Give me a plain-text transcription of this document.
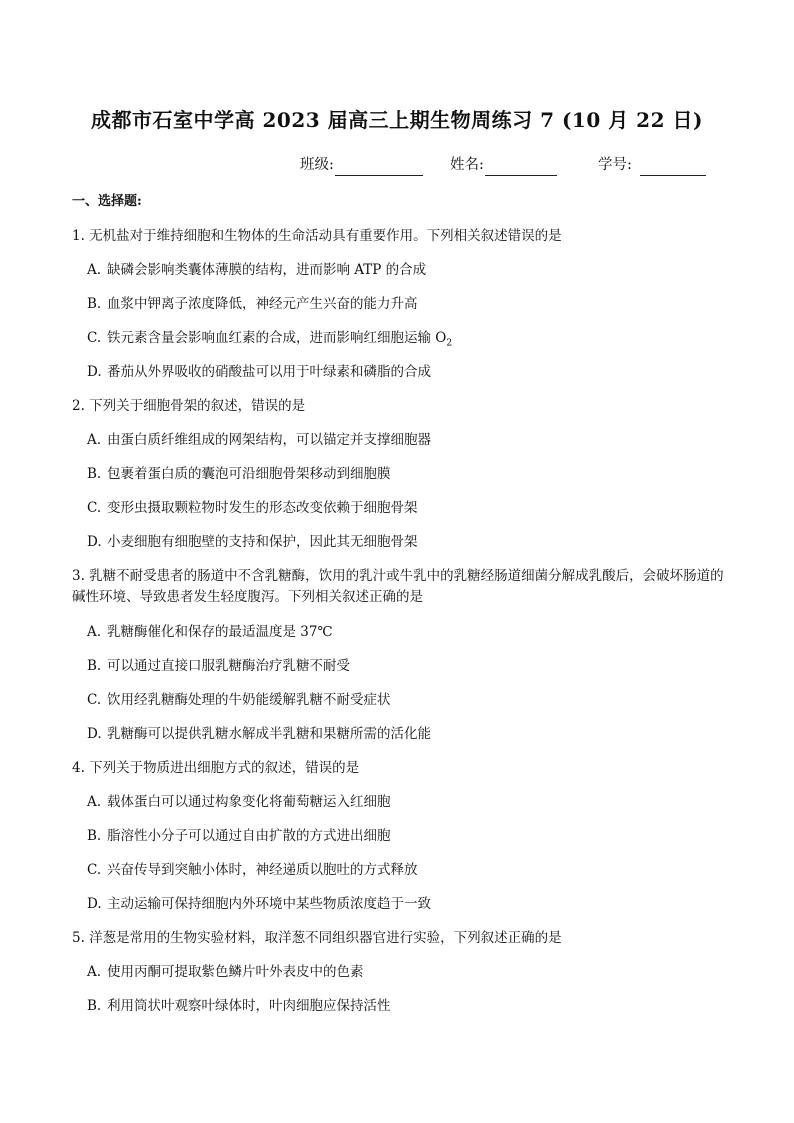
成都市石室中学高 2023 届高三上期生物周练习 7 (10 月 22 日)
班级:	姓名:	学号:
一、选择题:
1. 无机盐对于维持细胞和生物体的生命活动具有重要作用。下列相关叙述错误的是
A. 缺磷会影响类囊体薄膜的结构，进而影响 ATP 的合成
B. 血浆中钾离子浓度降低，神经元产生兴奋的能力升高
C. 铁元素含量会影响血红素的合成，进而影响红细胞运输 $O_2$
D. 番茄从外界吸收的硝酸盐可以用于叶绿素和磷脂的合成
2. 下列关于细胞骨架的叙述，错误的是
A. 由蛋白质纤维组成的网架结构，可以锚定并支撑细胞器
B. 包裹着蛋白质的囊泡可沿细胞骨架移动到细胞膜
C. 变形虫摄取颗粒物时发生的形态改变依赖于细胞骨架
D. 小麦细胞有细胞壁的支持和保护，因此其无细胞骨架
3. 乳糖不耐受患者的肠道中不含乳糖酶，饮用的乳汁或牛乳中的乳糖经肠道细菌分解成乳酸后，会破坏肠道的碱性环境、导致患者发生轻度腹泻。下列相关叙述正确的是
A. 乳糖酶催化和保存的最适温度是 37℃
B. 可以通过直接口服乳糖酶治疗乳糖不耐受
C. 饮用经乳糖酶处理的牛奶能缓解乳糖不耐受症状
D. 乳糖酶可以提供乳糖水解成半乳糖和果糖所需的活化能
4. 下列关于物质进出细胞方式的叙述，错误的是
A. 载体蛋白可以通过构象变化将葡萄糖运入红细胞
B. 脂溶性小分子可以通过自由扩散的方式进出细胞
C. 兴奋传导到突触小体时，神经递质以胞吐的方式释放
D. 主动运输可保持细胞内外环境中某些物质浓度趋于一致
5. 洋葱是常用的生物实验材料，取洋葱不同组织器官进行实验，下列叙述正确的是
A. 使用丙酮可提取紫色鳞片叶外表皮中的色素
B. 利用筒状叶观察叶绿体时，叶肉细胞应保持活性
